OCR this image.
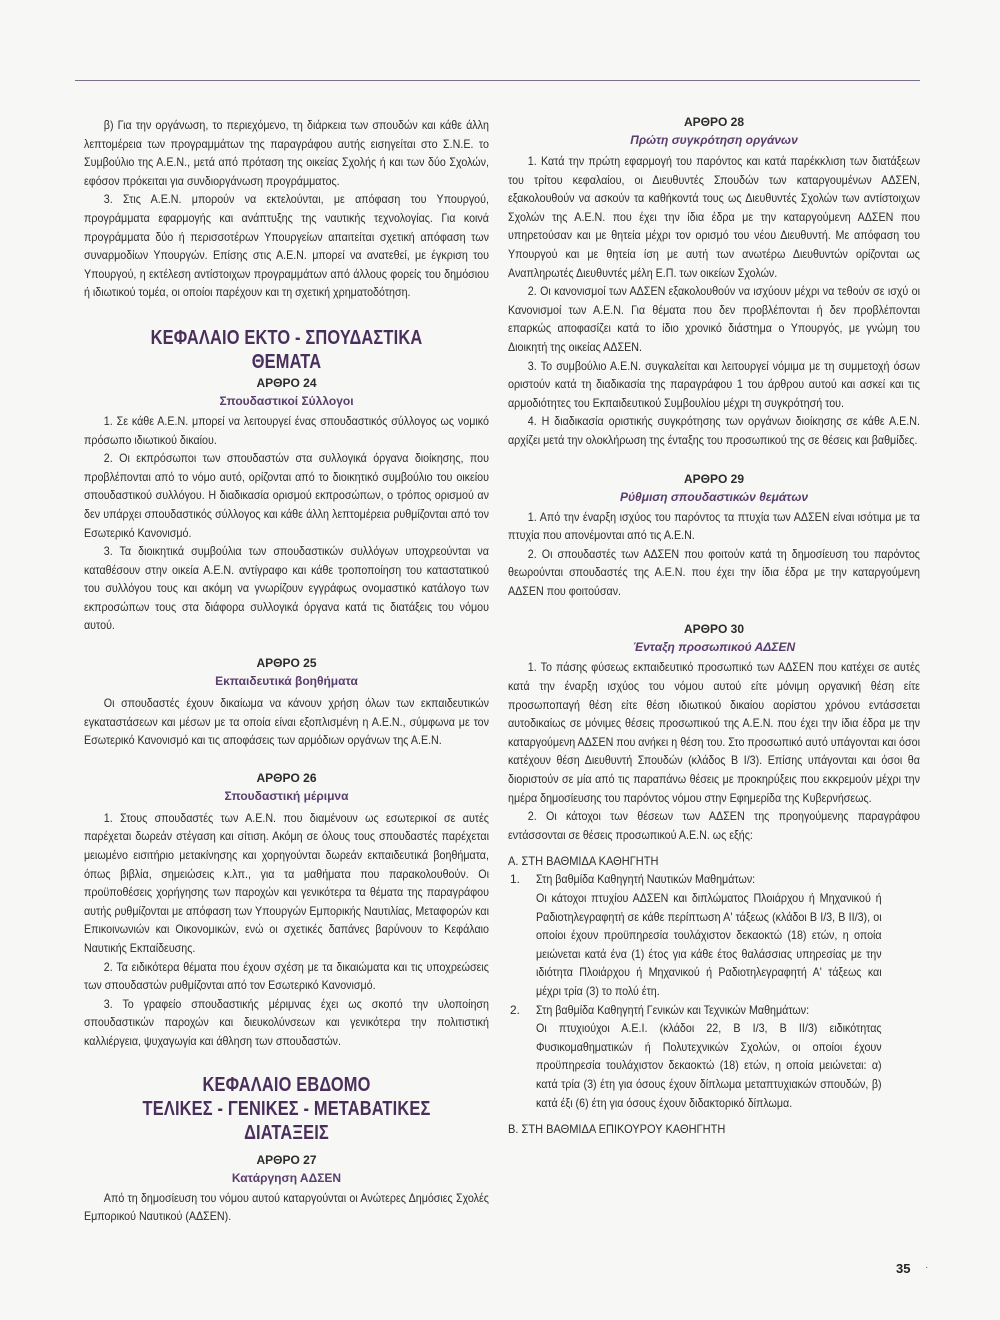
β) Για την οργάνωση, το περιεχόμενο, τη διάρκεια των σπουδών και κάθε άλλη λεπτομέρεια των προγραμμάτων της παραγράφου αυτής εισηγείται στο Σ.Ν.Ε. το Συμβούλιο της Α.Ε.Ν., μετά από πρόταση της οικείας Σχολής ή και των δύο Σχολών, εφόσον πρόκειται για συνδιοργάνωση προγράμματος.

3. Στις Α.Ε.Ν. μπορούν να εκτελούνται, με απόφαση του Υπουργού, προγράμματα εφαρμογής και ανάπτυξης της ναυτικής τεχνολογίας. Για κοινά προγράμματα δύο ή περισσοτέρων Υπουργείων απαιτείται σχετική απόφαση των συναρμοδίων Υπουργών. Επίσης στις Α.Ε.Ν. μπορεί να ανατεθεί, με έγκριση του Υπουργού, η εκτέλεση αντίστοιχων προγραμμάτων από άλλους φορείς του δημόσιου ή ιδιωτικού τομέα, οι οποίοι παρέχουν και τη σχετική χρηματοδότηση.

ΚΕΦΑΛΑΙΟ ΕΚΤΟ - ΣΠΟΥΔΑΣΤΙΚΑ ΘΕΜΑΤΑ
ΑΡΘΡΟ 24
Σπουδαστικοί Σύλλογοι

1. Σε κάθε Α.Ε.Ν. μπορεί να λειτουργεί ένας σπουδαστικός σύλλογος ως νομικό πρόσωπο ιδιωτικού δικαίου.

2. Οι εκπρόσωποι των σπουδαστών στα συλλογικά όργανα διοίκησης, που προβλέπονται από το νόμο αυτό, ορίζονται από το διοικητικό συμβούλιο του οικείου σπουδαστικού συλλόγου. Η διαδικασία ορισμού εκπροσώπων, ο τρόπος ορισμού αν δεν υπάρχει σπουδαστικός σύλλογος και κάθε άλλη λεπτομέρεια ρυθμίζονται από τον Εσωτερικό Κανονισμό.

3. Τα διοικητικά συμβούλια των σπουδαστικών συλλόγων υποχρεούνται να καταθέσουν στην οικεία Α.Ε.Ν. αντίγραφο και κάθε τροποποίηση του καταστατικού του συλλόγου τους και ακόμη να γνωρίζουν εγγράφως ονομαστικό κατάλογο των εκπροσώπων τους στα διάφορα συλλογικά όργανα κατά τις διατάξεις του νόμου αυτού.

ΑΡΘΡΟ 25
Εκπαιδευτικά βοηθήματα

Οι σπουδαστές έχουν δικαίωμα να κάνουν χρήση όλων των εκπαιδευτικών εγκαταστάσεων και μέσων με τα οποία είναι εξοπλισμένη η Α.Ε.Ν., σύμφωνα με τον Εσωτερικό Κανονισμό και τις αποφάσεις των αρμόδιων οργάνων της Α.Ε.Ν.

ΑΡΘΡΟ 26
Σπουδαστική μέριμνα

1. Στους σπουδαστές των Α.Ε.Ν. που διαμένουν ως εσωτερικοί σε αυτές παρέχεται δωρεάν στέγαση και σίτιση. Ακόμη σε όλους τους σπουδαστές παρέχεται μειωμένο εισιτήριο μετακίνησης και χορηγούνται δωρεάν εκπαιδευτικά βοηθήματα, όπως βιβλία, σημειώσεις κ.λπ., για τα μαθήματα που παρακολουθούν. Οι προϋποθέσεις χορήγησης των παροχών και γενικότερα τα θέματα της παραγράφου αυτής ρυθμίζονται με απόφαση των Υπουργών Εμπορικής Ναυτιλίας, Μεταφορών και Επικοινωνιών και Οικονομικών, ενώ οι σχετικές δαπάνες βαρύνουν το Κεφάλαιο Ναυτικής Εκπαίδευσης.

2. Τα ειδικότερα θέματα που έχουν σχέση με τα δικαιώματα και τις υποχρεώσεις των σπουδαστών ρυθμίζονται από τον Εσωτερικό Κανονισμό.

3. Το γραφείο σπουδαστικής μέριμνας έχει ως σκοπό την υλοποίηση σπουδαστικών παροχών και διευκολύνσεων και γενικότερα την πολιτιστική καλλιέργεια, ψυχαγωγία και άθληση των σπουδαστών.

ΚΕΦΑΛΑΙΟ ΕΒΔΟΜΟ
ΤΕΛΙΚΕΣ - ΓΕΝΙΚΕΣ - ΜΕΤΑΒΑΤΙΚΕΣ ΔΙΑΤΑΞΕΙΣ
ΑΡΘΡΟ 27
Κατάργηση ΑΔΣΕΝ

Από τη δημοσίευση του νόμου αυτού καταργούνται οι Ανώτερες Δημόσιες Σχολές Εμπορικού Ναυτικού (ΑΔΣΕΝ).

ΑΡΘΡΟ 28
Πρώτη συγκρότηση οργάνων

1. Κατά την πρώτη εφαρμογή του παρόντος και κατά παρέκκλιση των διατάξεων του τρίτου κεφαλαίου, οι Διευθυντές Σπουδών των καταργουμένων ΑΔΣΕΝ, εξακολουθούν να ασκούν τα καθήκοντά τους ως Διευθυντές Σχολών των αντίστοιχων Σχολών της Α.Ε.Ν. που έχει την ίδια έδρα με την καταργούμενη ΑΔΣΕΝ που υπηρετούσαν και με θητεία μέχρι τον ορισμό του νέου Διευθυντή. Με απόφαση του Υπουργού και με θητεία ίση με αυτή των ανωτέρω Διευθυντών ορίζονται ως Αναπληρωτές Διευθυντές μέλη Ε.Π. των οικείων Σχολών.

2. Οι κανονισμοί των ΑΔΣΕΝ εξακολουθούν να ισχύουν μέχρι να τεθούν σε ισχύ οι Κανονισμοί των Α.Ε.Ν. Για θέματα που δεν προβλέπονται ή δεν προβλέπονται επαρκώς αποφασίζει κατά το ίδιο χρονικό διάστημα ο Υπουργός, με γνώμη του Διοικητή της οικείας ΑΔΣΕΝ.

3. Το συμβούλιο Α.Ε.Ν. συγκαλείται και λειτουργεί νόμιμα με τη συμμετοχή όσων οριστούν κατά τη διαδικασία της παραγράφου 1 του άρθρου αυτού και ασκεί και τις αρμοδιότητες του Εκπαιδευτικού Συμβουλίου μέχρι τη συγκρότησή του.

4. Η διαδικασία οριστικής συγκρότησης των οργάνων διοίκησης σε κάθε Α.Ε.Ν. αρχίζει μετά την ολοκλήρωση της ένταξης του προσωπικού της σε θέσεις και βαθμίδες.

ΑΡΘΡΟ 29
Ρύθμιση σπουδαστικών θεμάτων

1. Από την έναρξη ισχύος του παρόντος τα πτυχία των ΑΔΣΕΝ είναι ισότιμα με τα πτυχία που απονέμονται από τις Α.Ε.Ν.

2. Οι σπουδαστές των ΑΔΣΕΝ που φοιτούν κατά τη δημοσίευση του παρόντος θεωρούνται σπουδαστές της Α.Ε.Ν. που έχει την ίδια έδρα με την καταργούμενη ΑΔΣΕΝ που φοιτούσαν.

ΑΡΘΡΟ 30
Ένταξη προσωπικού ΑΔΣΕΝ

1. Το πάσης φύσεως εκπαιδευτικό προσωπικό των ΑΔΣΕΝ που κατέχει σε αυτές κατά την έναρξη ισχύος του νόμου αυτού είτε μόνιμη οργανική θέση είτε προσωποπαγή θέση είτε θέση ιδιωτικού δικαίου αορίστου χρόνου εντάσσεται αυτοδικαίως σε μόνιμες θέσεις προσωπικού της Α.Ε.Ν. που έχει την ίδια έδρα με την καταργούμενη ΑΔΣΕΝ που ανήκει η θέση του. Στο προσωπικό αυτό υπάγονται και όσοι κατέχουν θέση Διευθυντή Σπουδών (κλάδος Β Ι/3). Επίσης υπάγονται και όσοι θα διοριστούν σε μία από τις παραπάνω θέσεις με προκηρύξεις που εκκρεμούν μέχρι την ημέρα δημοσίευσης του παρόντος νόμου στην Εφημερίδα της Κυβερνήσεως.

2. Οι κάτοχοι των θέσεων των ΑΔΣΕΝ της προηγούμενης παραγράφου εντάσσονται σε θέσεις προσωπικού Α.Ε.Ν. ως εξής:

Α. ΣΤΗ ΒΑΘΜΙΔΑ ΚΑΘΗΓΗΤΗ
1.	Στη βαθμίδα Καθηγητή Ναυτικών Μαθημάτων:
Οι κάτοχοι πτυχίου ΑΔΣΕΝ και διπλώματος Πλοιάρχου ή Μηχανικού ή Ραδιοτηλεγραφητή σε κάθε περίπτωση Α' τάξεως (κλάδοι Β Ι/3, Β ΙΙ/3), οι οποίοι έχουν προϋπηρεσία τουλάχιστον δεκαοκτώ (18) ετών, η οποία μειώνεται κατά ένα (1) έτος για κάθε έτος θαλάσσιας υπηρεσίας με την ιδιότητα Πλοιάρχου ή Μηχανικού ή Ραδιοτηλεγραφητή Α' τάξεως και μέχρι τρία (3) το πολύ έτη.
2.	Στη βαθμίδα Καθηγητή Γενικών και Τεχνικών Μαθημάτων:
Οι πτυχιούχοι Α.Ε.Ι. (κλάδοι 22, Β Ι/3, Β ΙΙ/3) ειδικότητας Φυσικομαθηματικών ή Πολυτεχνικών Σχολών, οι οποίοι έχουν προϋπηρεσία τουλάχιστον δεκαοκτώ (18) ετών, η οποία μειώνεται: α) κατά τρία (3) έτη για όσους έχουν δίπλωμα μεταπτυχιακών σπουδών, β) κατά έξι (6) έτη για όσους έχουν διδακτορικό δίπλωμα.
Β. ΣΤΗ ΒΑΘΜΙΔΑ ΕΠΙΚΟΥΡΟΥ ΚΑΘΗΓΗΤΗ
35 ·
